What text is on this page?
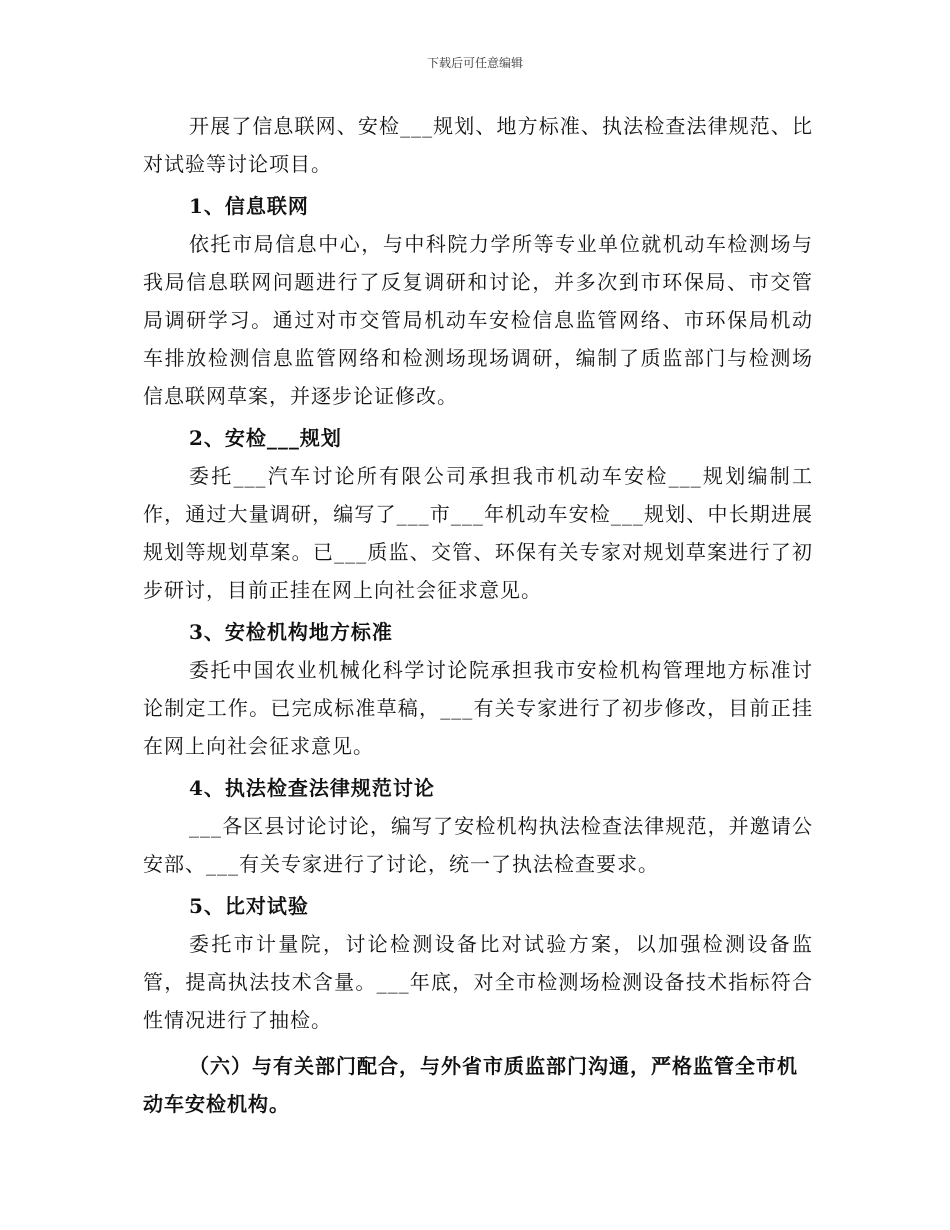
下载后可任意编辑

开展了信息联网、安检___规划、地方标准、执法检查法律规范、比对试验等讨论项目。

1、信息联网

依托市局信息中心，与中科院力学所等专业单位就机动车检测场与我局信息联网问题进行了反复调研和讨论，并多次到市环保局、市交管局调研学习。通过对市交管局机动车安检信息监管网络、市环保局机动车排放检测信息监管网络和检测场现场调研，编制了质监部门与检测场信息联网草案，并逐步论证修改。

2、安检___规划

委托___汽车讨论所有限公司承担我市机动车安检___规划编制工作，通过大量调研，编写了___市___年机动车安检___规划、中长期进展规划等规划草案。已___质监、交管、环保有关专家对规划草案进行了初步研讨，目前正挂在网上向社会征求意见。

3、安检机构地方标准

委托中国农业机械化科学讨论院承担我市安检机构管理地方标准讨论制定工作。已完成标准草稿，___有关专家进行了初步修改，目前正挂在网上向社会征求意见。

4、执法检查法律规范讨论

___各区县讨论讨论，编写了安检机构执法检查法律规范，并邀请公安部、___有关专家进行了讨论，统一了执法检查要求。

5、比对试验

委托市计量院，讨论检测设备比对试验方案，以加强检测设备监管，提高执法技术含量。___年底，对全市检测场检测设备技术指标符合性情况进行了抽检。

（六）与有关部门配合，与外省市质监部门沟通，严格监管全市机动车安检机构。
